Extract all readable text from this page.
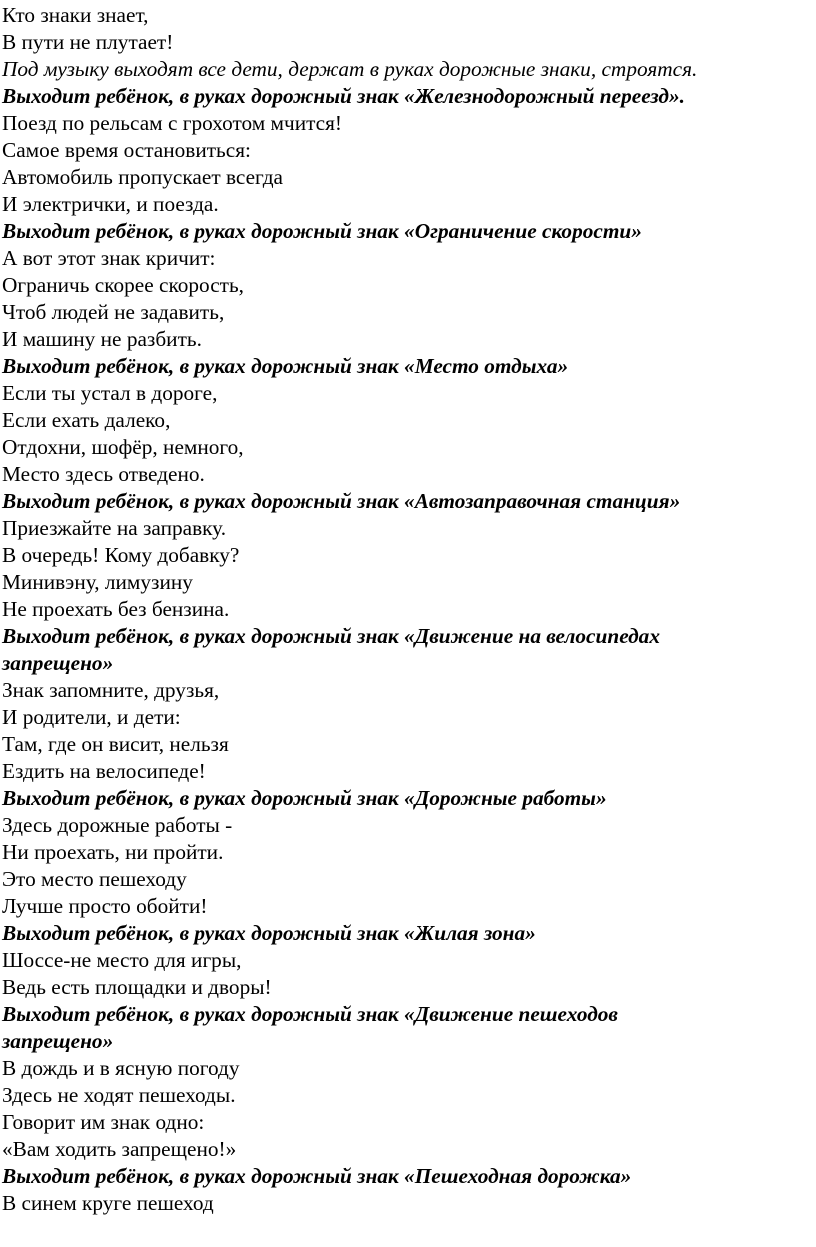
Кто знаки знает,
В пути не плутает!
Под музыку выходят все дети, держат в руках дорожные знаки, строятся.
Выходит ребёнок, в руках дорожный знак «Железнодорожный переезд».
Поезд по рельсам с грохотом мчится!
Самое время остановиться:
Автомобиль пропускает всегда
И электрички, и поезда.
Выходит ребёнок, в руках дорожный знак «Ограничение скорости»
А вот этот знак кричит:
Ограничь скорее скорость,
Чтоб людей не задавить,
И машину не разбить.
Выходит ребёнок, в руках дорожный знак «Место отдыха»
Если ты устал в дороге,
Если ехать далеко,
Отдохни, шофёр, немного,
Место здесь отведено.
Выходит ребёнок, в руках дорожный знак «Автозаправочная станция»
Приезжайте на заправку.
В очередь! Кому добавку?
Минивэну, лимузину
Не проехать без бензина.
Выходит ребёнок, в руках дорожный знак «Движение на велосипедах
запрещено»
Знак запомните, друзья,
И родители, и дети:
Там, где он висит, нельзя
Ездить на велосипеде!
Выходит ребёнок, в руках дорожный знак «Дорожные работы»
Здесь дорожные работы -
Ни проехать, ни пройти.
Это место пешеходу
Лучше просто обойти!
Выходит ребёнок, в руках дорожный знак «Жилая зона»
Шоссе-не место для игры,
Ведь есть площадки и дворы!
Выходит ребёнок, в руках дорожный знак «Движение пешеходов
запрещено»
В дождь и в ясную погоду
Здесь не ходят пешеходы.
Говорит им знак одно:
«Вам ходить запрещено!»
Выходит ребёнок, в руках дорожный знак «Пешеходная дорожка»
В синем круге пешеход
